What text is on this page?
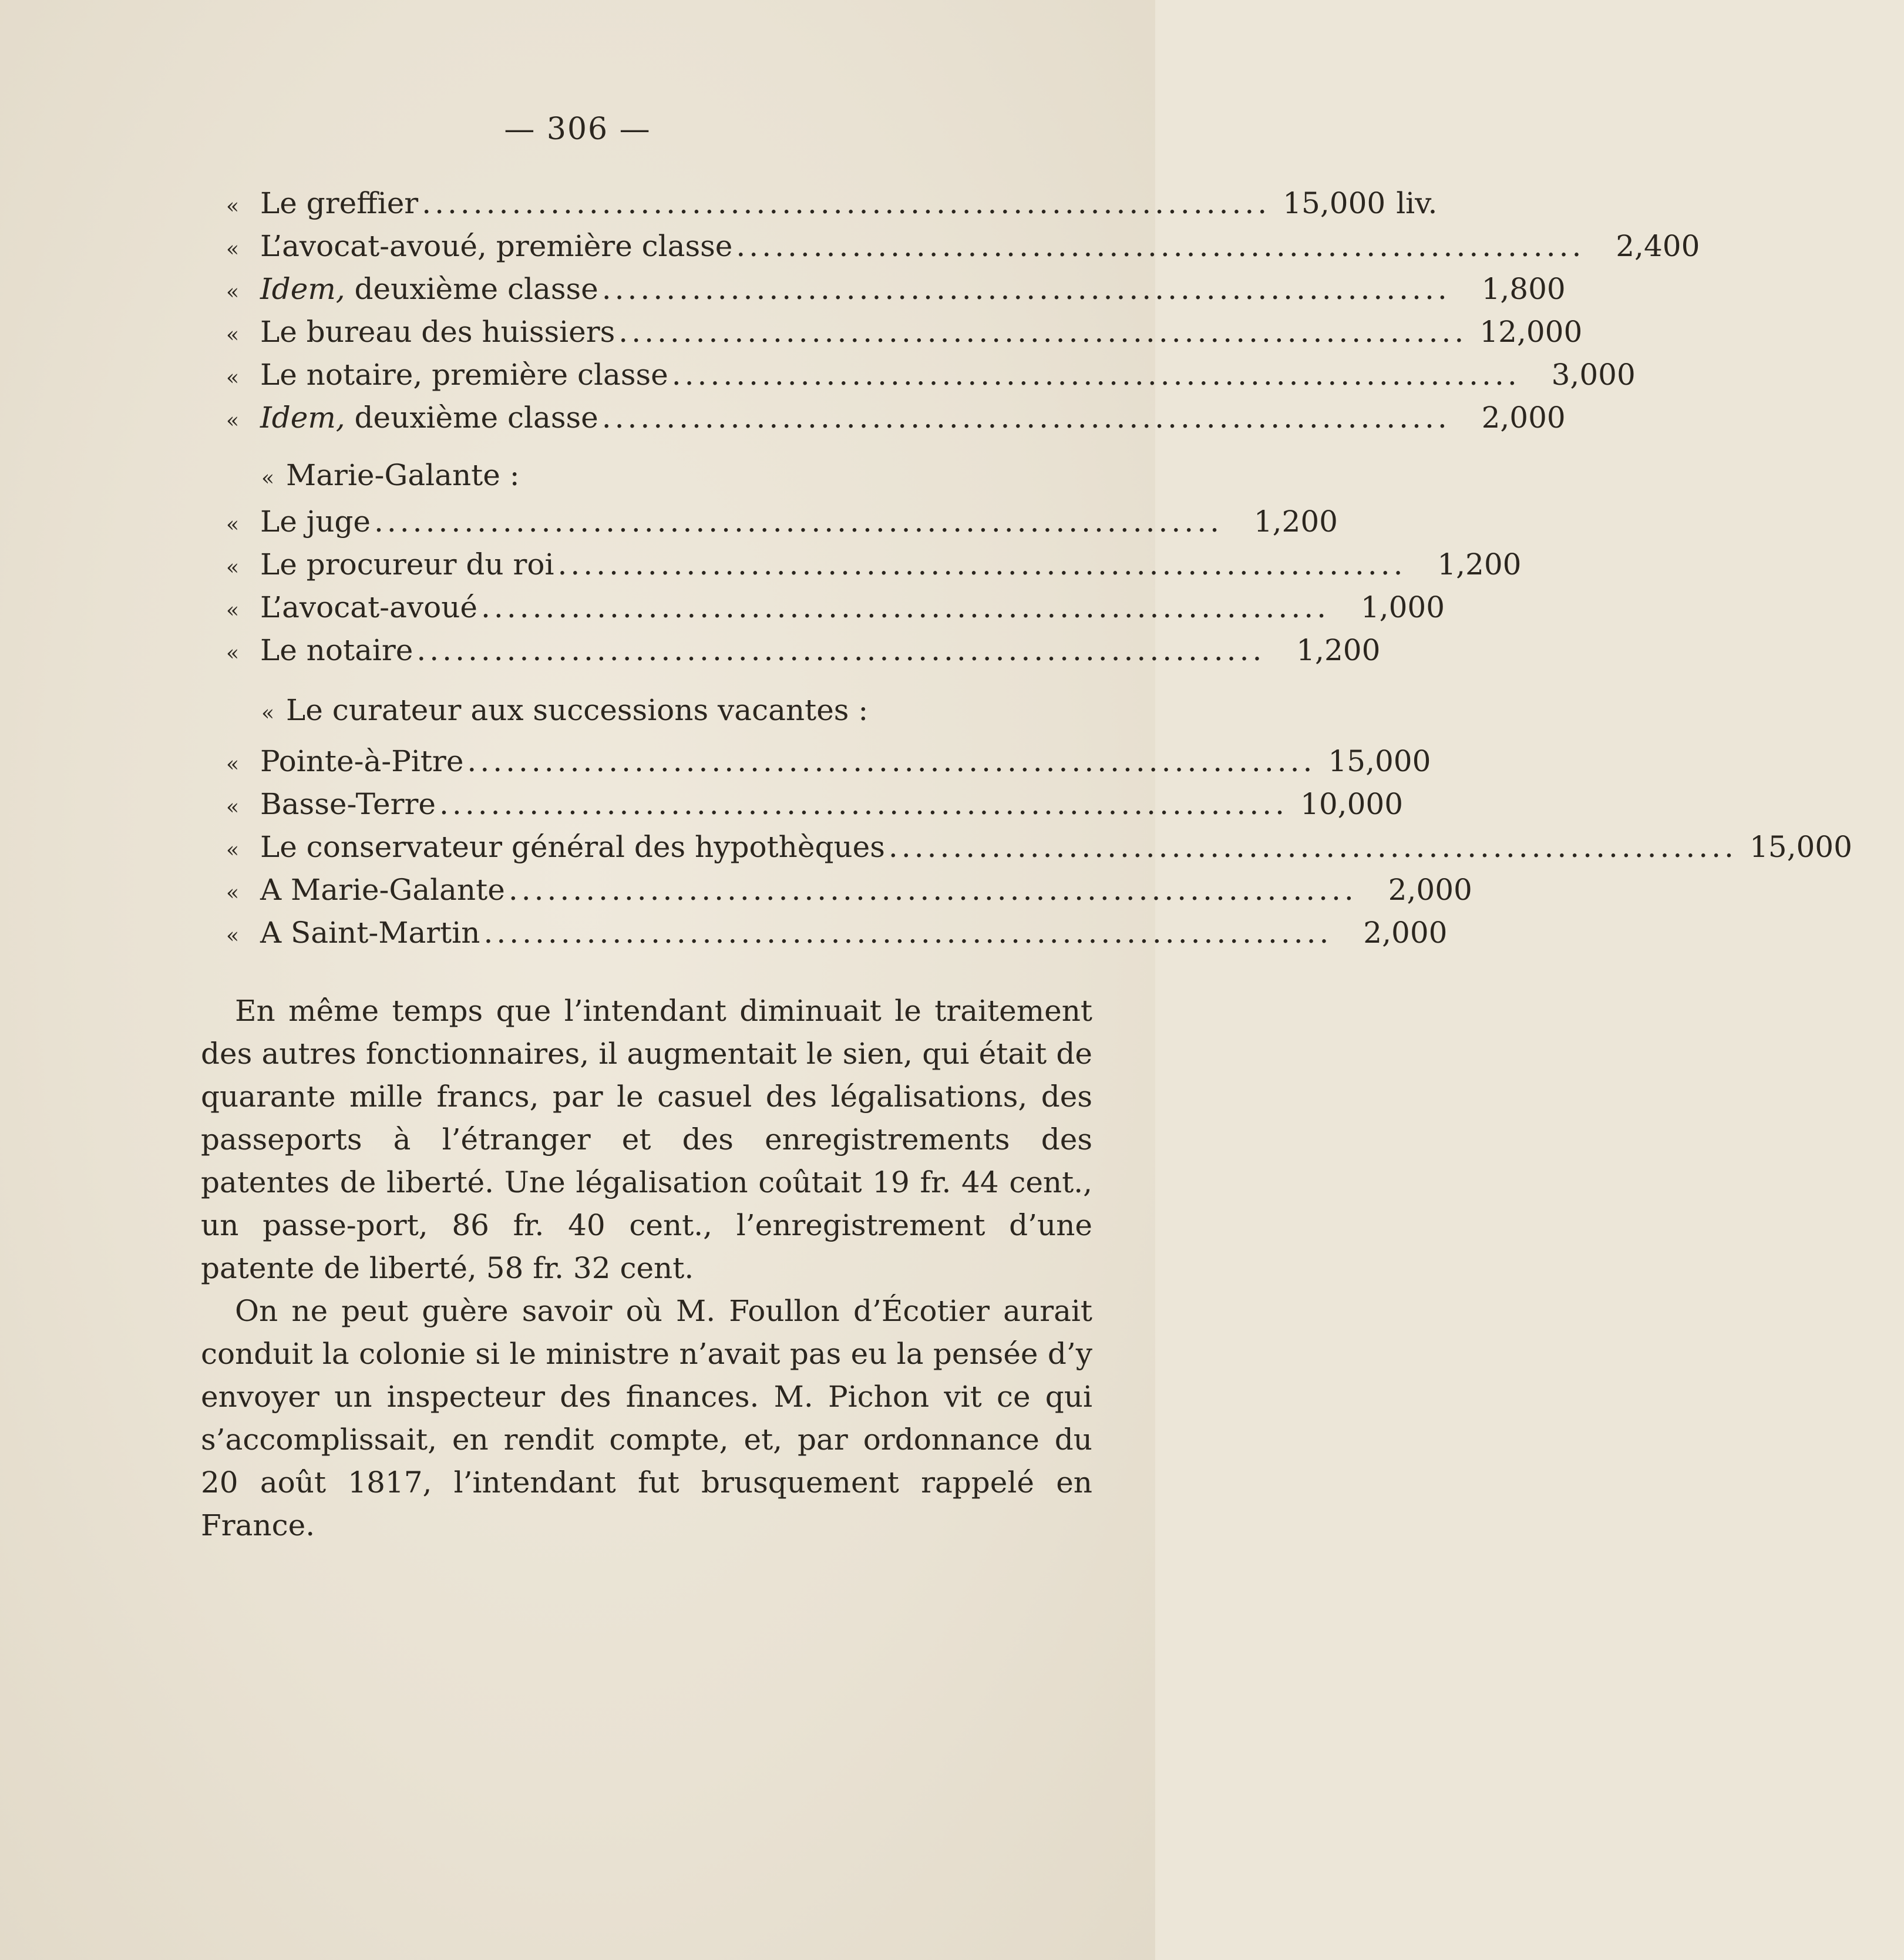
— 306 —
« Le greffier .................................................................. 15,000 liv.
« L’avocat-avoué, première classe ..................................................................	2,400
« Idem, deuxième classe ..................................................................	1,800
« Le bureau des huissiers .................................................................. 12,000
« Le notaire, première classe ..................................................................	3,000
« Idem, deuxième classe ..................................................................	2,000
« Marie-Galante :
« Le juge ..................................................................	1,200
« Le procureur du roi ..................................................................	1,200
« L’avocat-avoué ..................................................................	1,000
« Le notaire ..................................................................	1,200
« Le curateur aux successions vacantes :
« Pointe-à-Pitre .................................................................. 15,000
« Basse-Terre .................................................................. 10,000
« Le conservateur général des hypothèques .................................................................. 15,000
« A Marie-Galante ..................................................................	2,000
« A Saint-Martin ..................................................................	2,000

En même temps que l’intendant diminuait le traitement des autres fonctionnaires, il augmentait le sien, qui était de quarante mille francs, par le casuel des légalisations, des passeports à l’étranger et des enregistrements des patentes de liberté. Une légalisation coûtait 19 fr. 44 cent., un passe-port, 86 fr. 40 cent., l’enregistrement d’une patente de liberté, 58 fr. 32 cent.

On ne peut guère savoir où M. Foullon d’Écotier aurait conduit la colonie si le ministre n’avait pas eu la pensée d’y envoyer un inspecteur des finances. M. Pichon vit ce qui s’accomplissait, en rendit compte, et, par ordonnance du 20 août 1817, l’intendant fut brusquement rappelé en France.
